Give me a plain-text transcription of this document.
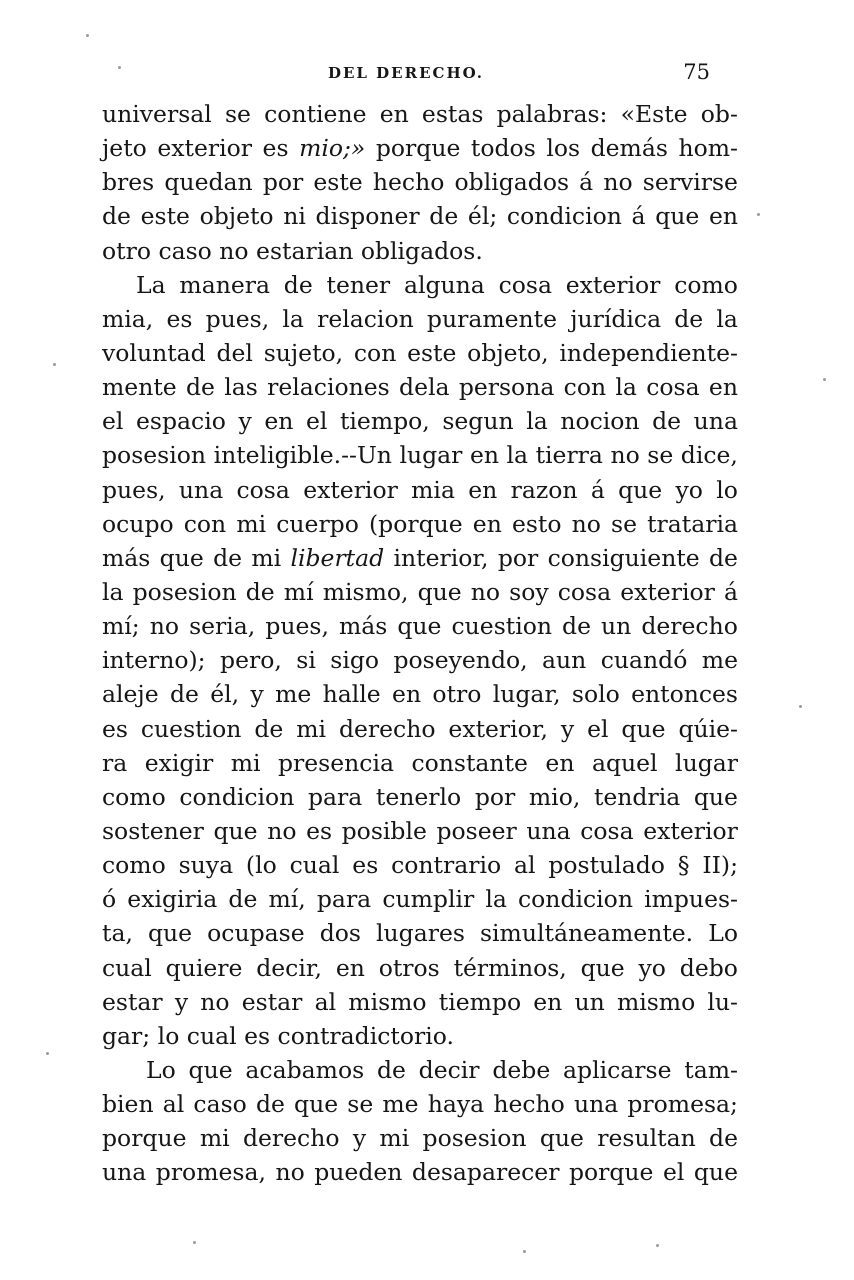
DEL DERECHO.	75
universal se contiene en estas palabras: «Este ob-
jeto exterior es mio;» porque todos los demás hom-
bres quedan por este hecho obligados á no servirse
de este objeto ni disponer de él; condicion á que en
otro caso no estarian obligados.
La manera de tener alguna cosa exterior como
mia, es pues, la relacion puramente jurídica de la
voluntad del sujeto, con este objeto, independiente-
mente de las relaciones dela persona con la cosa en
el espacio y en el tiempo, segun la nocion de una
posesion inteligible.--Un lugar en la tierra no se dice,
pues, una cosa exterior mia en razon á que yo lo
ocupo con mi cuerpo (porque en esto no se trataria
más que de mi libertad interior, por consiguiente de
la posesion de mí mismo, que no soy cosa exterior á
mí; no seria, pues, más que cuestion de un derecho
interno); pero, si sigo poseyendo, aun cuandó me
aleje de él, y me halle en otro lugar, solo entonces
es cuestion de mi derecho exterior, y el que qúie-
ra exigir mi presencia constante en aquel lugar
como condicion para tenerlo por mio, tendria que
sostener que no es posible poseer una cosa exterior
como suya (lo cual es contrario al postulado § II);
ó exigiria de mí, para cumplir la condicion impues-
ta, que ocupase dos lugares simultáneamente. Lo
cual quiere decir, en otros términos, que yo debo
estar y no estar al mismo tiempo en un mismo lu-
gar; lo cual es contradictorio.
Lo que acabamos de decir debe aplicarse tam-
bien al caso de que se me haya hecho una promesa;
porque mi derecho y mi posesion que resultan de
una promesa, no pueden desaparecer porque el que
